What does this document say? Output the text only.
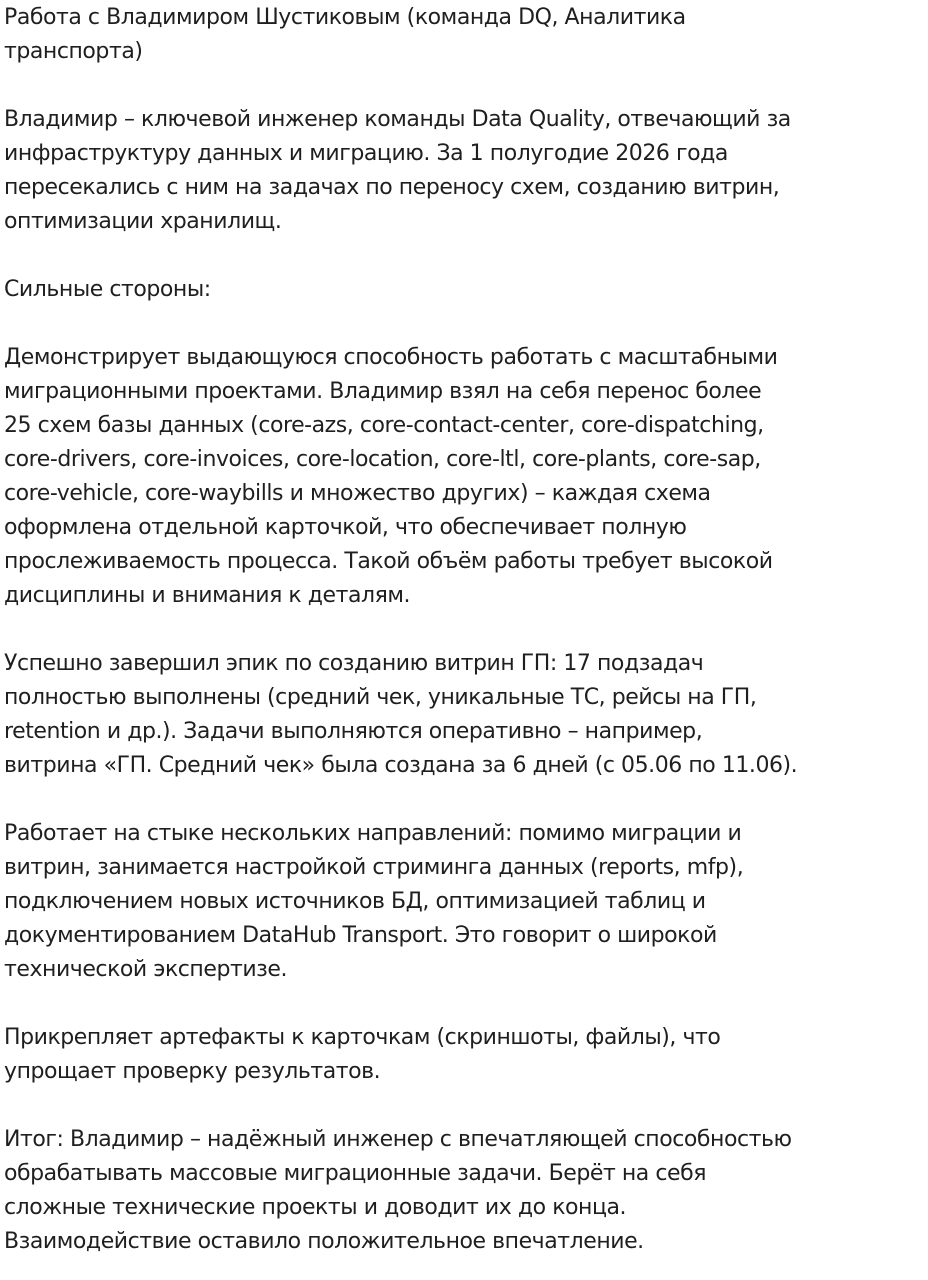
Работа с Владимиром Шустиковым (команда DQ, Аналитика
транспорта)

Владимир – ключевой инженер команды Data Quality, отвечающий за
инфраструктуру данных и миграцию. За 1 полугодие 2026 года
пересекались с ним на задачах по переносу схем, созданию витрин,
оптимизации хранилищ.

Сильные стороны:

Демонстрирует выдающуюся способность работать с масштабными
миграционными проектами. Владимир взял на себя перенос более
25 схем базы данных (core-azs, core-contact-center, core-dispatching,
core-drivers, core-invoices, core-location, core-ltl, core-plants, core-sap,
core-vehicle, core-waybills и множество других) – каждая схема
оформлена отдельной карточкой, что обеспечивает полную
прослеживаемость процесса. Такой объём работы требует высокой
дисциплины и внимания к деталям.

Успешно завершил эпик по созданию витрин ГП: 17 подзадач
полностью выполнены (средний чек, уникальные ТС, рейсы на ГП,
retention и др.). Задачи выполняются оперативно – например,
витрина «ГП. Средний чек» была создана за 6 дней (с 05.06 по 11.06).

Работает на стыке нескольких направлений: помимо миграции и
витрин, занимается настройкой стриминга данных (reports, mfp),
подключением новых источников БД, оптимизацией таблиц и
документированием DataHub Transport. Это говорит о широкой
технической экспертизе.

Прикрепляет артефакты к карточкам (скриншоты, файлы), что
упрощает проверку результатов.

Итог: Владимир – надёжный инженер с впечатляющей способностью
обрабатывать массовые миграционные задачи. Берёт на себя
сложные технические проекты и доводит их до конца.
Взаимодействие оставило положительное впечатление.
